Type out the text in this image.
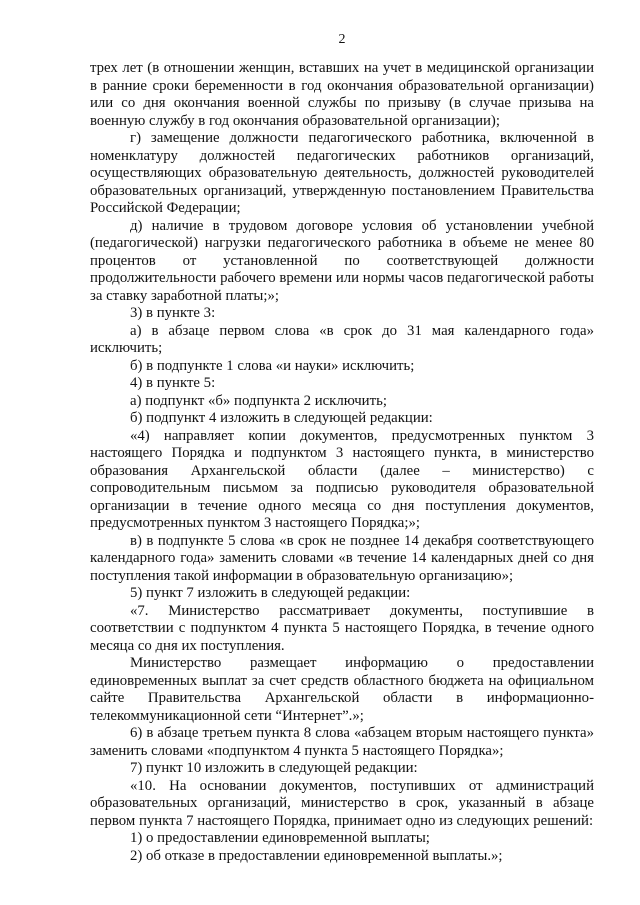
2

трех лет (в отношении женщин, вставших на учет в медицинской организации в ранние сроки беременности в год окончания образовательной организации) или со дня окончания военной службы по призыву (в случае призыва на военную службу в год окончания образовательной организации);

г) замещение должности педагогического работника, включенной в номенклатуру должностей педагогических работников организаций, осуществляющих образовательную деятельность, должностей руководителей образовательных организаций, утвержденную постановлением Правительства Российской Федерации;

д) наличие в трудовом договоре условия об установлении учебной (педагогической) нагрузки педагогического работника в объеме не менее 80 процентов от установленной по соответствующей должности продолжительности рабочего времени или нормы часов педагогической работы за ставку заработной платы;»;

3) в пункте 3:

а) в абзаце первом слова «в срок до 31 мая календарного года» исключить;

б) в подпункте 1 слова «и науки» исключить;

4) в пункте 5:

а) подпункт «б» подпункта 2 исключить;

б) подпункт 4 изложить в следующей редакции:

«4) направляет копии документов, предусмотренных пунктом 3 настоящего Порядка и подпунктом 3 настоящего пункта, в министерство образования Архангельской области (далее – министерство) с сопроводительным письмом за подписью руководителя образовательной организации в течение одного месяца со дня поступления документов, предусмотренных пунктом 3 настоящего Порядка;»;

в) в подпункте 5 слова «в срок не позднее 14 декабря соответствующего календарного года» заменить словами «в течение 14 календарных дней со дня поступления такой информации в образовательную организацию»;

5) пункт 7 изложить в следующей редакции:

«7. Министерство рассматривает документы, поступившие в соответствии с подпунктом 4 пункта 5 настоящего Порядка, в течение одного месяца со дня их поступления.

Министерство размещает информацию о предоставлении единовременных выплат за счет средств областного бюджета на официальном сайте Правительства Архангельской области в информационно-телекоммуникационной сети “Интернет”.»;

6) в абзаце третьем пункта 8 слова «абзацем вторым настоящего пункта» заменить словами «подпунктом 4 пункта 5 настоящего Порядка»;

7) пункт 10 изложить в следующей редакции:

«10. На основании документов, поступивших от администраций образовательных организаций, министерство в срок, указанный в абзаце первом пункта 7 настоящего Порядка, принимает одно из следующих решений:

1) о предоставлении единовременной выплаты;

2) об отказе в предоставлении единовременной выплаты.»;
